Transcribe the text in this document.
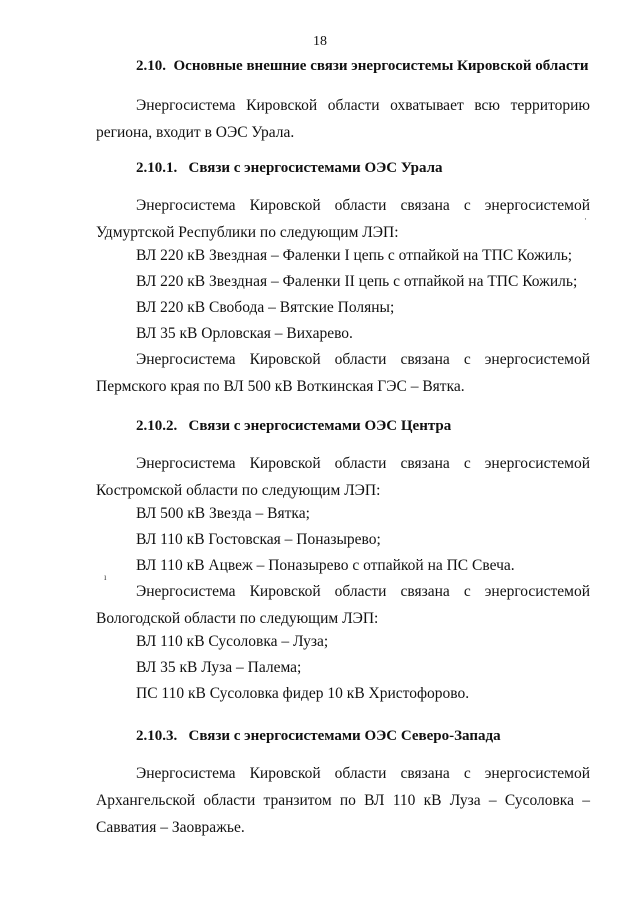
18
2.10. Основные внешние связи энергосистемы Кировской области
Энергосистема Кировской области охватывает всю территорию
региона, входит в ОЭС Урала.
2.10.1. Связи с энергосистемами ОЭС Урала
Энергосистема Кировской области связана с энергосистемой
Удмуртской Республики по следующим ЛЭП:
·
ВЛ 220 кВ Звездная – Фаленки I цепь с отпайкой на ТПС Кожиль;
ВЛ 220 кВ Звездная – Фаленки II цепь с отпайкой на ТПС Кожиль;
ВЛ 220 кВ Свобода – Вятские Поляны;
ВЛ 35 кВ Орловская – Вихарево.
Энергосистема Кировской области связана с энергосистемой
Пермского края по ВЛ 500 кВ Воткинская ГЭС – Вятка.
2.10.2. Связи с энергосистемами ОЭС Центра
Энергосистема Кировской области связана с энергосистемой
Костромской области по следующим ЛЭП:
ВЛ 500 кВ Звезда – Вятка;
ВЛ 110 кВ Гостовская – Поназырево;
ВЛ 110 кВ Ацвеж – Поназырево с отпайкой на ПС Свеча.
ı
Энергосистема Кировской области связана с энергосистемой
Вологодской области по следующим ЛЭП:
ВЛ 110 кВ Сусоловка – Луза;
ВЛ 35 кВ Луза – Палема;
ПС 110 кВ Сусоловка фидер 10 кВ Христофорово.
2.10.3. Связи с энергосистемами ОЭС Северо-Запада
Энергосистема Кировской области связана с энергосистемой
Архангельской области транзитом по ВЛ 110 кВ Луза – Сусоловка –
Савватия – Заовражье.
